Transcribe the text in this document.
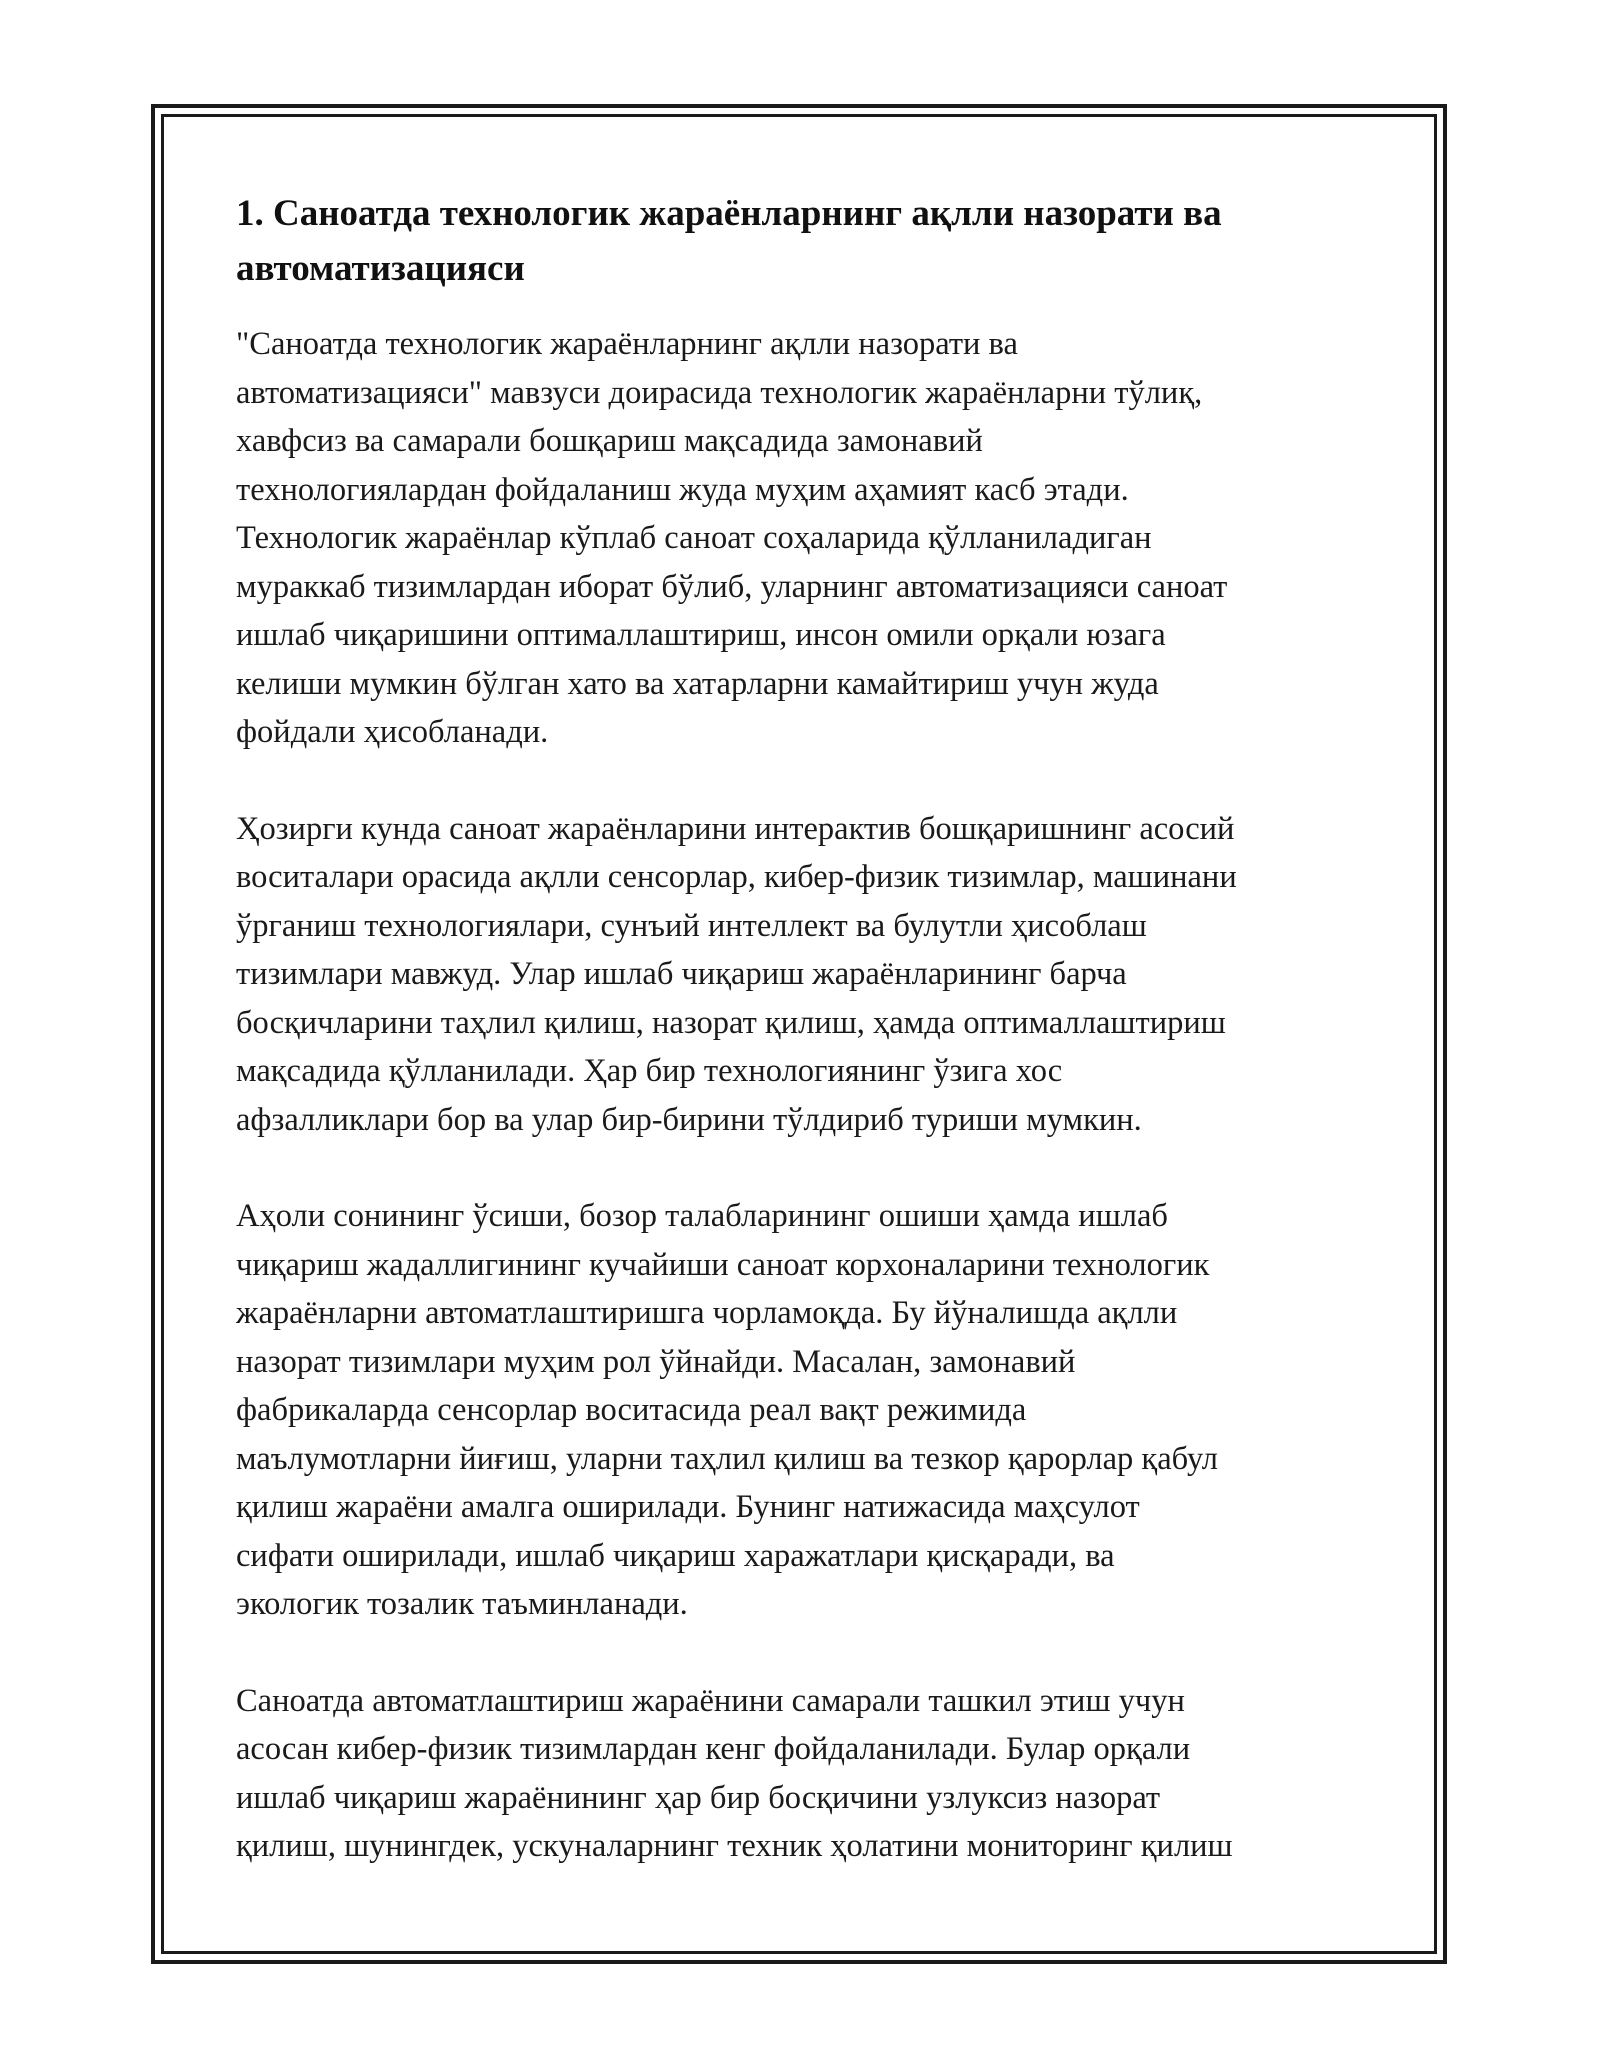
1. Саноатда технологик жараёнларнинг ақлли назорати ва
автоматизацияси

"Саноатда технологик жараёнларнинг ақлли назорати ва
автоматизацияси" мавзуси доирасида технологик жараёнларни тўлиқ,
хавфсиз ва самарали бошқариш мақсадида замонавий
технологиялардан фойдаланиш жуда муҳим аҳамият касб этади.
Технологик жараёнлар кўплаб саноат соҳаларида қўлланиладиган
мураккаб тизимлардан иборат бўлиб, уларнинг автоматизацияси саноат
ишлаб чиқаришини оптималлаштириш, инсон омили орқали юзага
келиши мумкин бўлган хато ва хатарларни камайтириш учун жуда
фойдали ҳисобланади.

Ҳозирги кунда саноат жараёнларини интерактив бошқаришнинг асосий
воситалари орасида ақлли сенсорлар, кибер-физик тизимлар, машинани
ўрганиш технологиялари, сунъий интеллект ва булутли ҳисоблаш
тизимлари мавжуд. Улар ишлаб чиқариш жараёнларининг барча
босқичларини таҳлил қилиш, назорат қилиш, ҳамда оптималлаштириш
мақсадида қўлланилади. Ҳар бир технологиянинг ўзига хос
афзалликлари бор ва улар бир-бирини тўлдириб туриши мумкин.

Аҳоли сонининг ўсиши, бозор талабларининг ошиши ҳамда ишлаб
чиқариш жадаллигининг кучайиши саноат корхоналарини технологик
жараёнларни автоматлаштиришга чорламоқда. Бу йўналишда ақлли
назорат тизимлари муҳим рол ўйнайди. Масалан, замонавий
фабрикаларда сенсорлар воситасида реал вақт режимида
маълумотларни йиғиш, уларни таҳлил қилиш ва тезкор қарорлар қабул
қилиш жараёни амалга оширилади. Бунинг натижасида маҳсулот
сифати оширилади, ишлаб чиқариш харажатлари қисқаради, ва
экологик тозалик таъминланади.

Саноатда автоматлаштириш жараёнини самарали ташкил этиш учун
асосан кибер-физик тизимлардан кенг фойдаланилади. Булар орқали
ишлаб чиқариш жараёнининг ҳар бир босқичини узлуксиз назорат
қилиш, шунингдек, ускуналарнинг техник ҳолатини мониторинг қилиш
